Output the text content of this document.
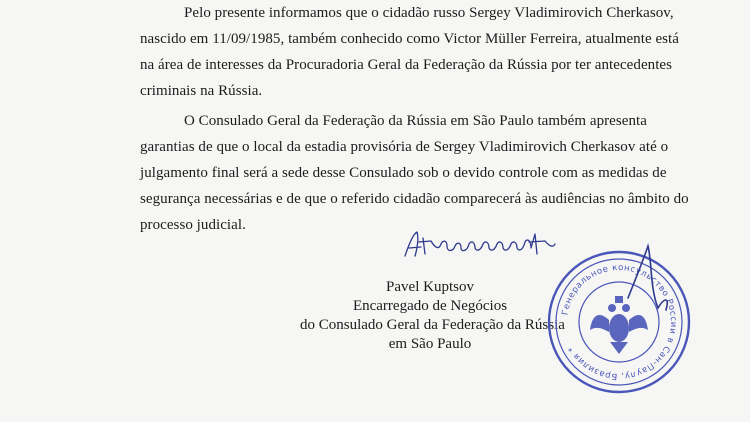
Pelo presente informamos que o cidadão russo Sergey Vladimirovich Cherkasov,
nascido em 11/09/1985, também conhecido como Victor Müller Ferreira, atualmente está
na área de interesses da Procuradoria Geral da Federação da Rússia por ter antecedentes
criminais na Rússia.
O Consulado Geral da Federação da Rússia em São Paulo também apresenta
garantias de que o local da estadia provisória de Sergey Vladimirovich Cherkasov até o
julgamento final será a sede desse Consulado sob o devido controle com as medidas de
segurança necessárias e de que o referido cidadão comparecerá às audiências no âmbito do
processo judicial.
Pavel Kuptsov
Encarregado de Negócios
do Consulado Geral da Federação da Rússia
em São Paulo
Генеральное консульство России в Сан-Паулу, Бразилия *
